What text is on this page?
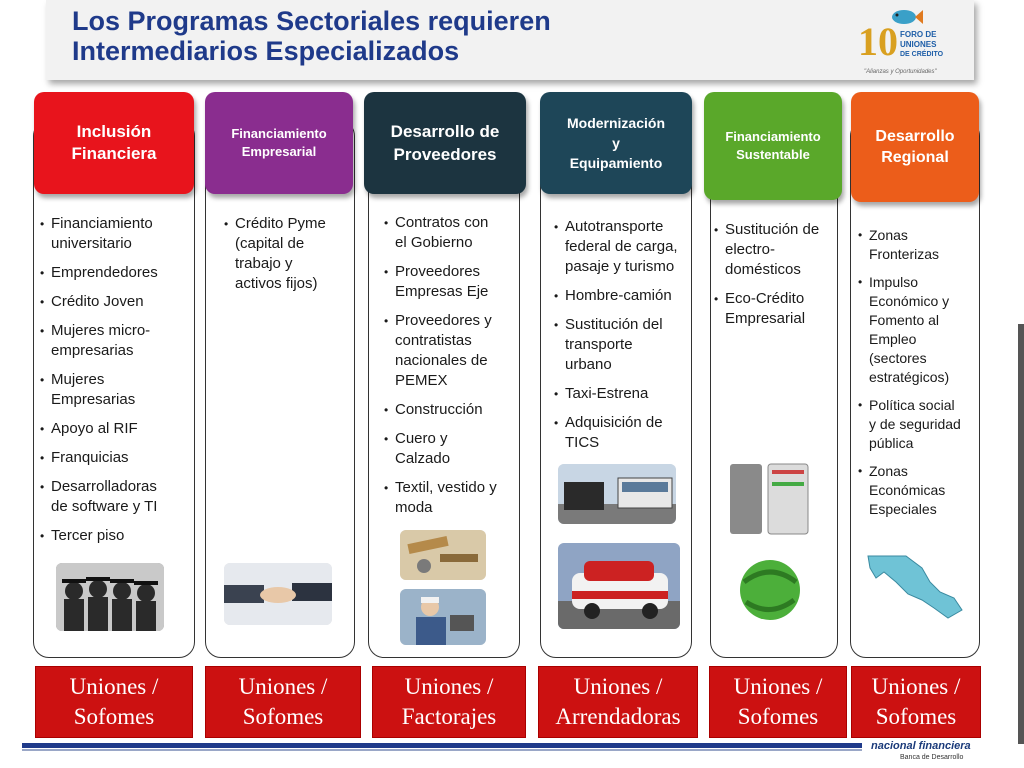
Los Programas Sectoriales requieren
Intermediarios Especializados	10 FORO DE
UNIONES
DE CRÉDITO
"Alianzas y Oportunidades"
Inclusión
Financiera
• Financiamiento
universitario
• Emprendedores
• Crédito Joven
• Mujeres micro-
empresarias
• Mujeres
Empresarias
• Apoyo al RIF
• Franquicias
• Desarrolladoras
de software y TI
• Tercer piso
Uniones /
Sofomes
Financiamiento
Empresarial
• Crédito Pyme
(capital de
trabajo y
activos fijos)
Uniones /
Sofomes
Desarrollo de
Proveedores
• Contratos con
el Gobierno
• Proveedores
Empresas Eje
• Proveedores y
contratistas
nacionales de
PEMEX
• Construcción
• Cuero y
Calzado
• Textil, vestido y
moda
Uniones /
Factorajes
Modernización
y
Equipamiento
• Autotransporte
federal de carga,
pasaje y turismo
• Hombre-camión
• Sustitución del
transporte
urbano
• Taxi-Estrena
• Adquisición de
TICS
Uniones /
Arrendadoras
Financiamiento
Sustentable
• Sustitución de
electro-
domésticos
• Eco-Crédito
Empresarial
Uniones /
Sofomes
Desarrollo
Regional
• Zonas
Fronterizas
• Impulso
Económico y
Fomento al
Empleo
(sectores
estratégicos)
• Política social
y de seguridad
pública
• Zonas
Económicas
Especiales
Uniones /
Sofomes
nacional financiera
Banca de Desarrollo
